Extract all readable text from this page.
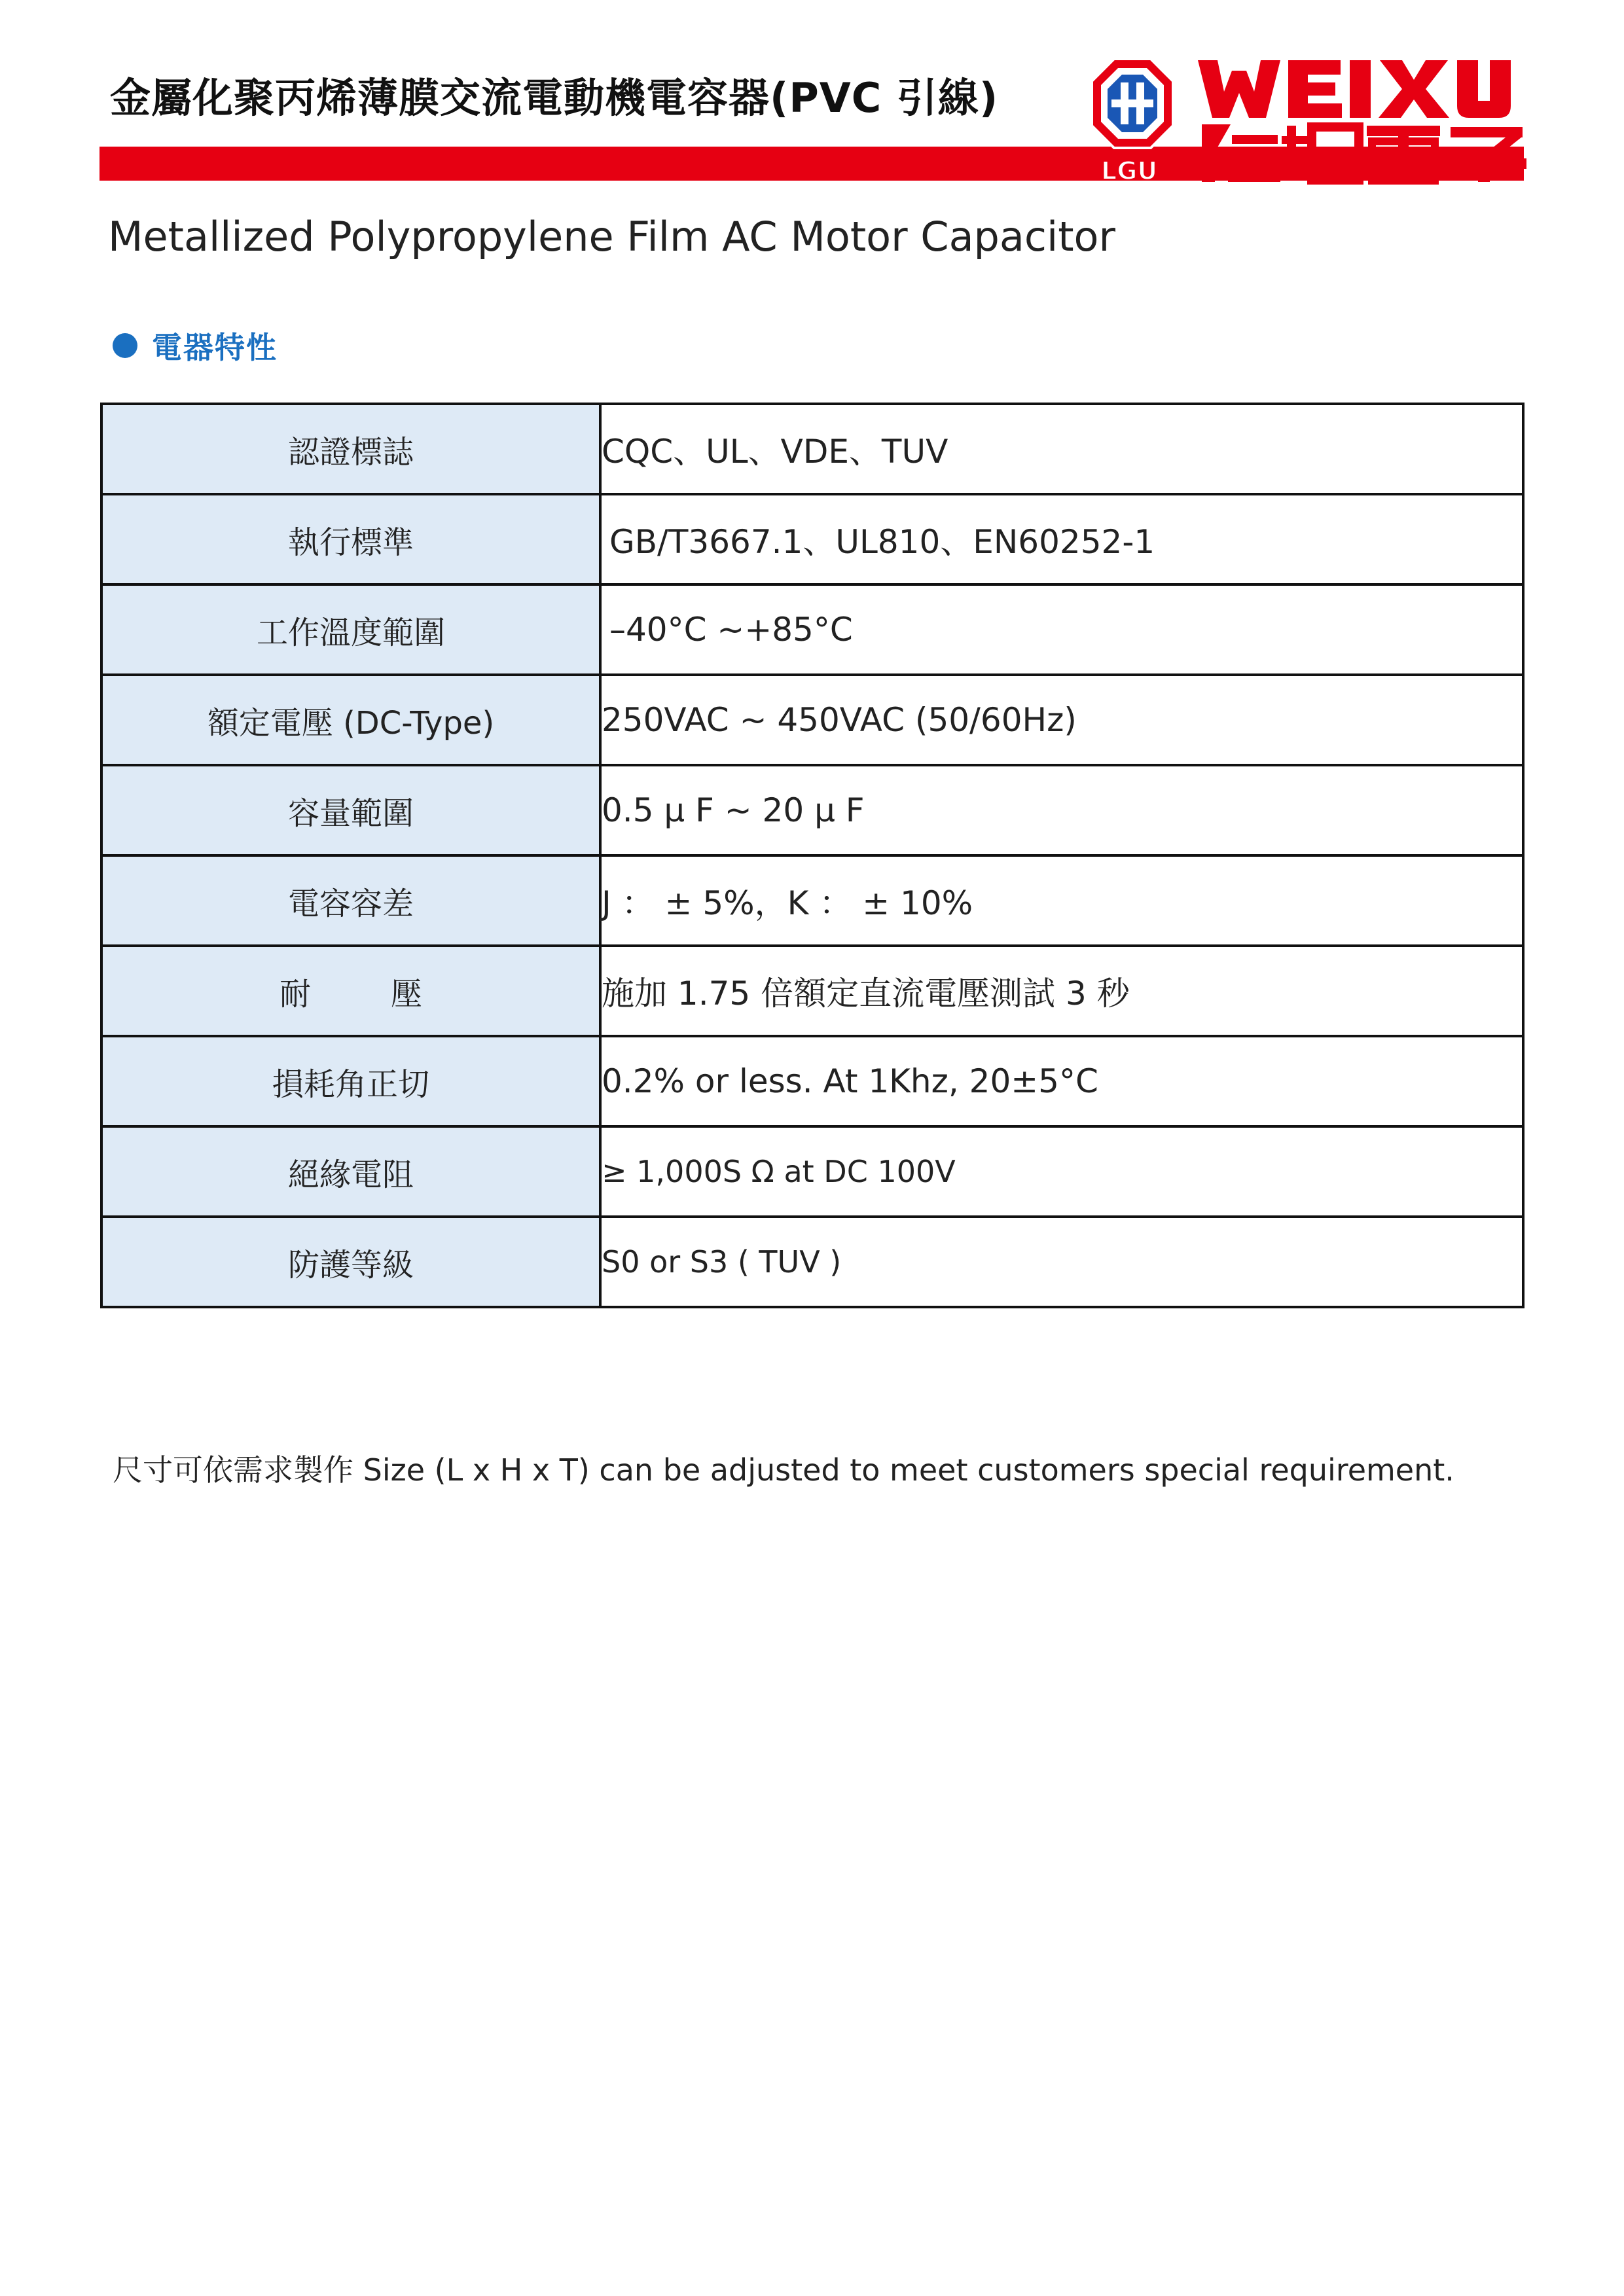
金屬化聚丙烯薄膜交流電動機電容器(PVC 引線)
LGU
Metallized Polypropylene Film AC Motor Capacitor
電器特性
認證標誌	CQC、UL、VDE、TUV
執行標準	GB/T3667.1、UL810、EN60252-1
工作溫度範圍	–40°C ~+85°C
額定電壓 (DC-Type)	250VAC ~ 450VAC (50/60Hz)
容量範圍	0.5 μ F ~ 20 μ F
電容容差	J ： ± 5%，K ： ± 10%
耐        壓	施加 1.75 倍額定直流電壓測試 3 秒
損耗角正切	0.2% or less. At 1Khz, 20±5°C
絕緣電阻	≥ 1,000S Ω at DC 100V
防護等級	S0 or S3 ( TUV )
尺寸可依需求製作 Size (L x H x T) can be adjusted to meet customers special requirement.
